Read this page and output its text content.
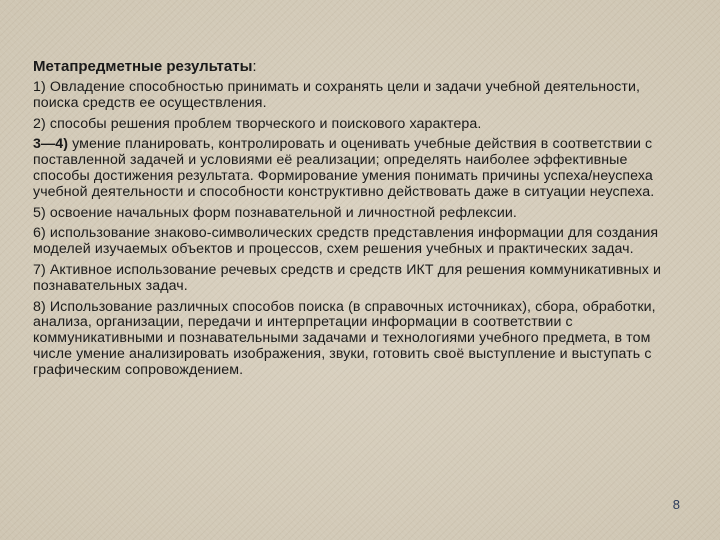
Метапредметные результаты:
1) Овладение способностью принимать и сохранять цели и задачи учебной деятельности, поиска средств ее осуществления.
2) способы решения проблем творческого и поискового характера.
3—4) умение планировать, контролировать и оценивать учебные действия в соответствии с поставленной задачей и условиями её реализации; определять наиболее эффективные способы достижения результата. Формирование умения понимать причины успеха/неуспеха учебной деятельности и способности конструктивно действовать даже в ситуации неуспеха.
5) освоение начальных форм познавательной и личностной рефлексии.
6) использование знаково-символических средств представления информации для создания моделей изучаемых объектов и процессов, схем решения учебных и практических задач.
7) Активное использование речевых средств и средств ИКТ для решения коммуникативных и познавательных задач.
8) Использование различных способов поиска (в справочных источниках), сбора, обработки, анализа, организации, передачи и интерпретации информации в соответствии с коммуникативными и познавательными задачами и технологиями учебного предмета, в том числе умение анализировать изображения, звуки, готовить своё выступление и выступать с графическим сопровождением.
8
